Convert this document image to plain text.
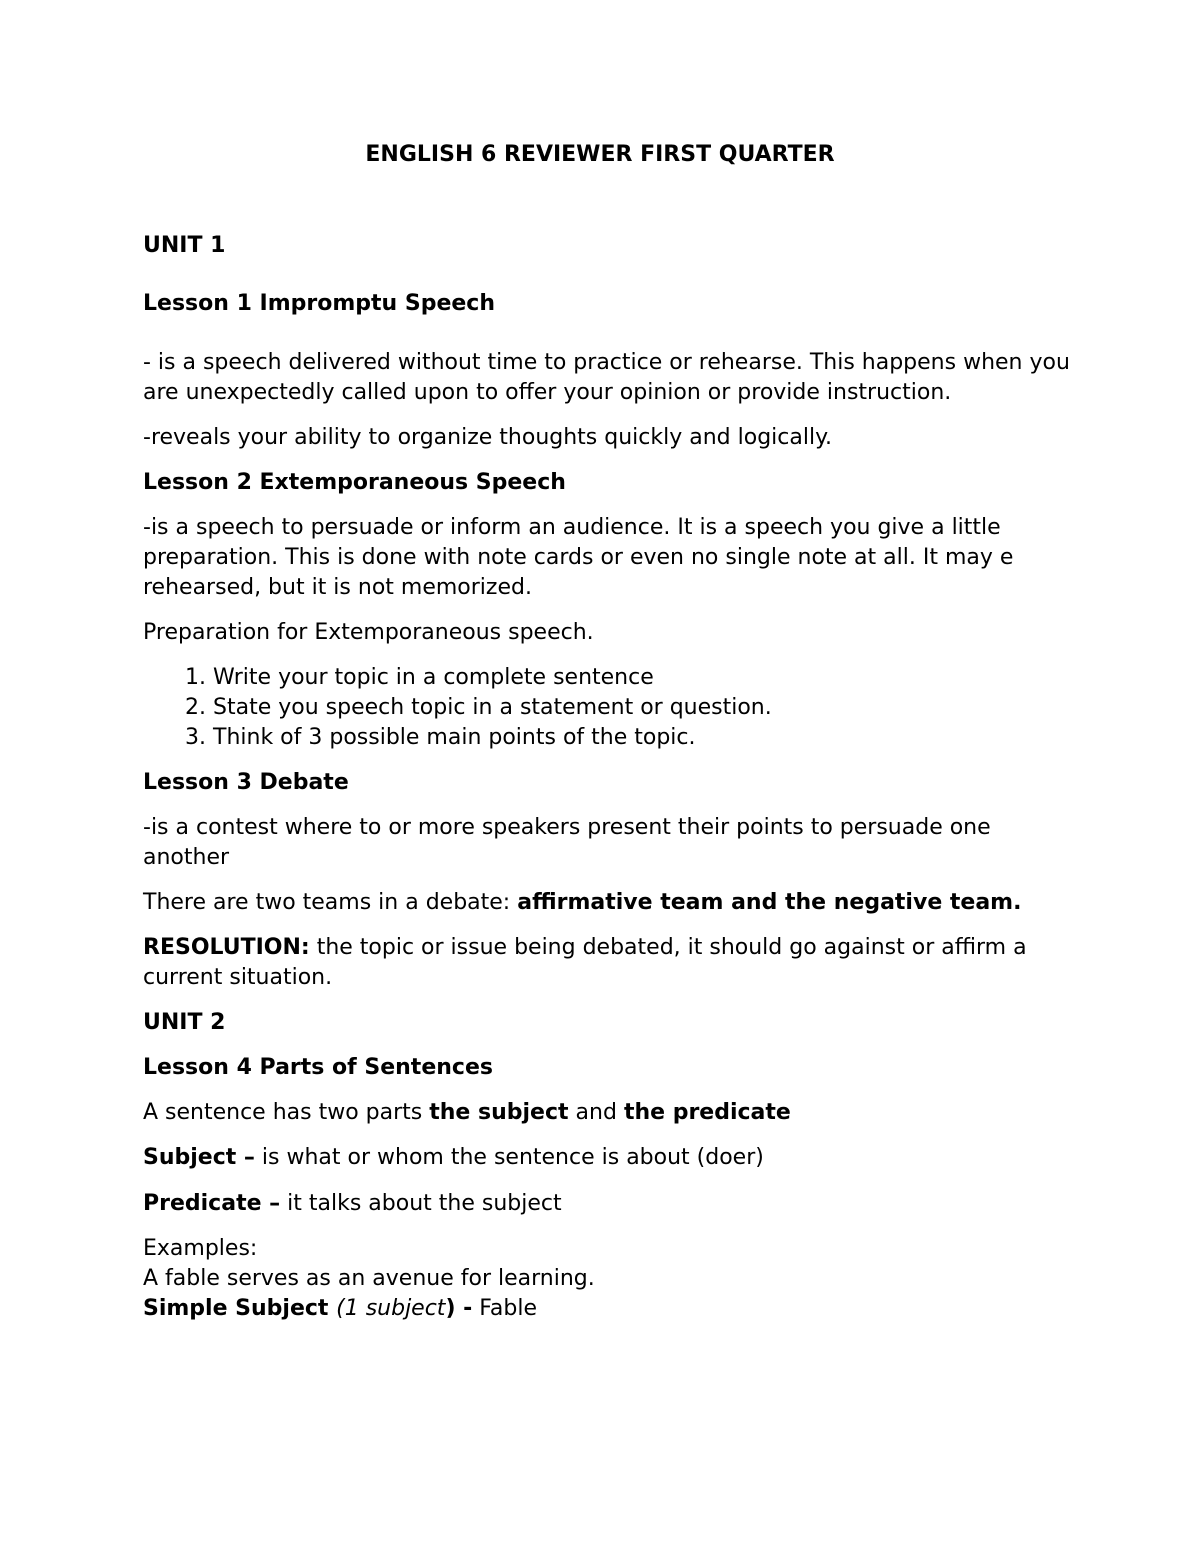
ENGLISH 6 REVIEWER FIRST QUARTER

UNIT 1

Lesson 1 Impromptu Speech

- is a speech delivered without time to practice or rehearse. This happens when you are unexpectedly called upon to offer your opinion or provide instruction.

-reveals your ability to organize thoughts quickly and logically.

Lesson 2 Extemporaneous Speech

-is a speech to persuade or inform an audience. It is a speech you give a little preparation. This is done with note cards or even no single note at all. It may e rehearsed, but it is not memorized.

Preparation for Extemporaneous speech.

1. Write your topic in a complete sentence
2. State you speech topic in a statement or question.
3. Think of 3 possible main points of the topic.

Lesson 3 Debate

-is a contest where to or more speakers present their points to persuade one another

There are two teams in a debate: affirmative team and the negative team.

RESOLUTION: the topic or issue being debated, it should go against or affirm a current situation.

UNIT 2

Lesson 4 Parts of Sentences

A sentence has two parts the subject and the predicate

Subject – is what or whom the sentence is about (doer)

Predicate – it talks about the subject

Examples:

A fable serves as an avenue for learning.

Simple Subject (1 subject) - Fable
